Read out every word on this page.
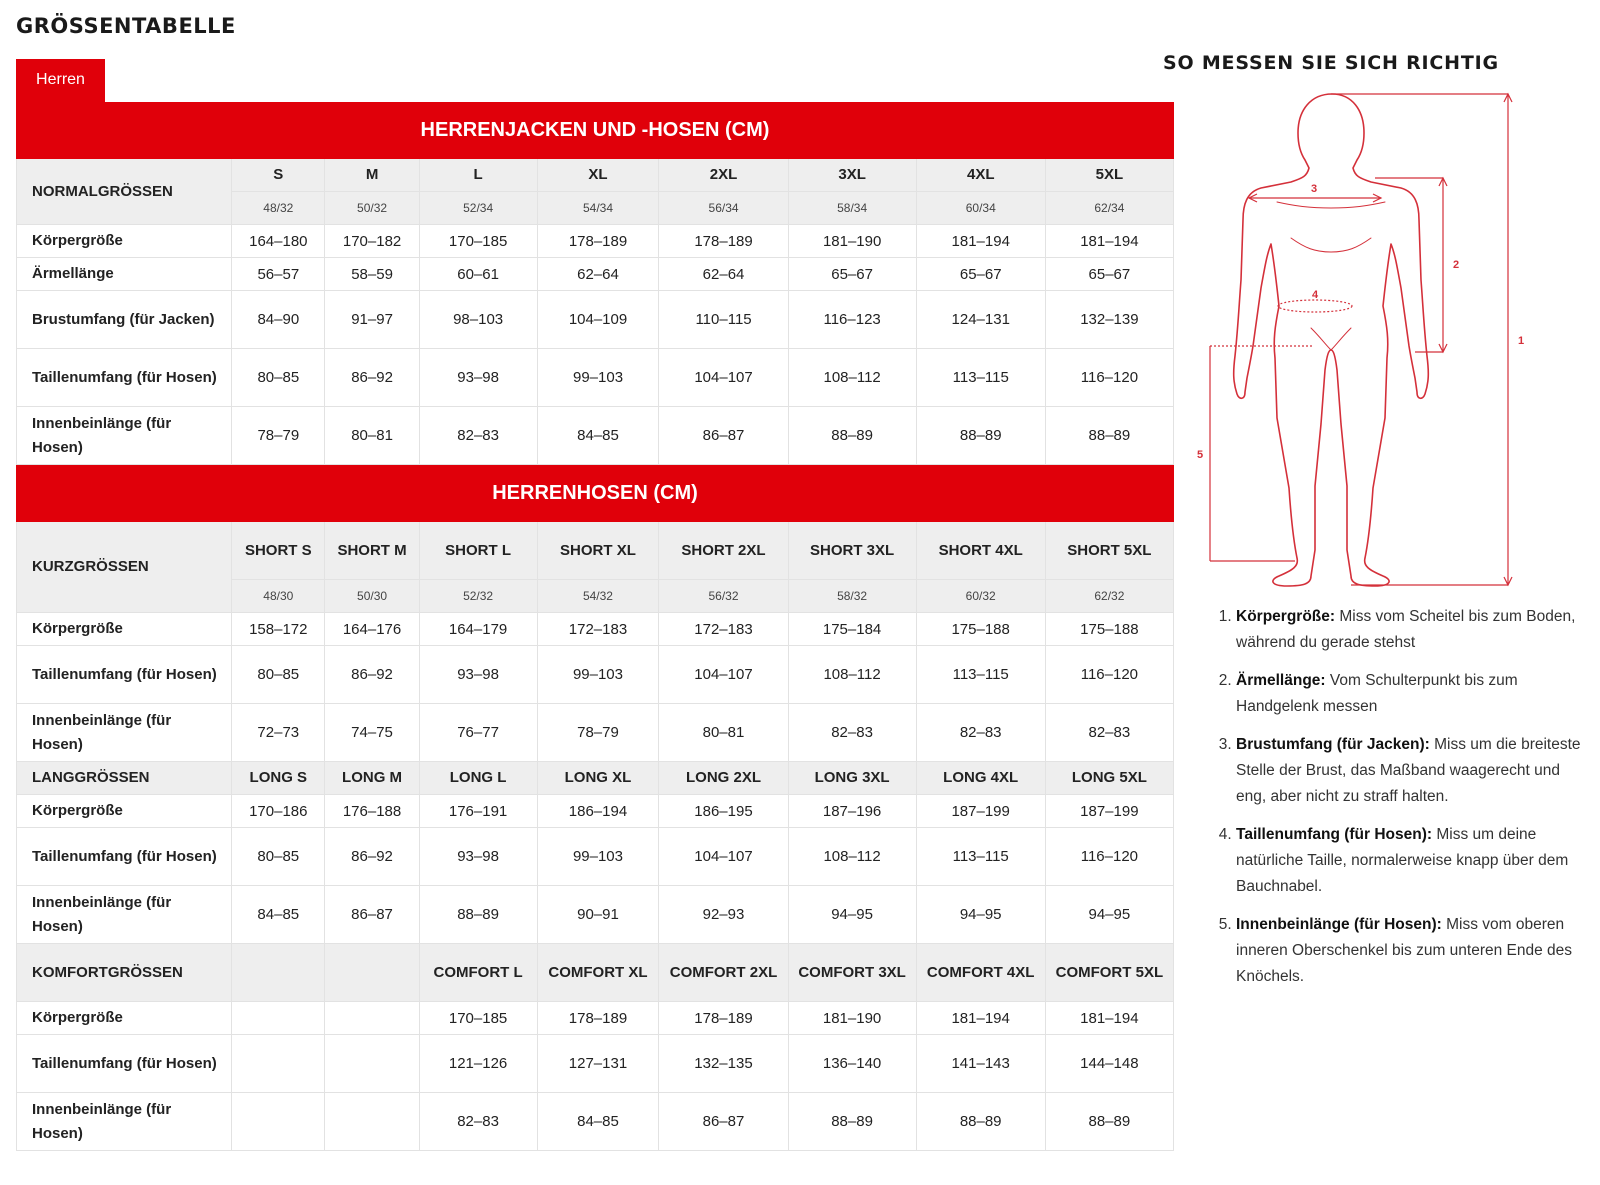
GRÖSSENTABELLE
Herren
HERRENJACKEN UND -HOSEN (CM)								
NORMALGRÖSSEN	S	M	L	XL	2XL	3XL	4XL	5XL
	48/32	50/32	52/34	54/34	56/34	58/34	60/34	62/34
Körpergröße	164–180	170–182	170–185	178–189	178–189	181–190	181–194	181–194
Ärmellänge	56–57	58–59	60–61	62–64	62–64	65–67	65–67	65–67
Brustumfang (für Jacken)	84–90	91–97	98–103	104–109	110–115	116–123	124–131	132–139
Taillenumfang (für Hosen)	80–85	86–92	93–98	99–103	104–107	108–112	113–115	116–120
Innenbeinlänge (für Hosen)	78–79	80–81	82–83	84–85	86–87	88–89	88–89	88–89
HERRENHOSEN (CM)								
KURZGRÖSSEN	SHORT S	SHORT M	SHORT L	SHORT XL	SHORT 2XL	SHORT 3XL	SHORT 4XL	SHORT 5XL
	48/30	50/30	52/32	54/32	56/32	58/32	60/32	62/32
Körpergröße	158–172	164–176	164–179	172–183	172–183	175–184	175–188	175–188
Taillenumfang (für Hosen)	80–85	86–92	93–98	99–103	104–107	108–112	113–115	116–120
Innenbeinlänge (für Hosen)	72–73	74–75	76–77	78–79	80–81	82–83	82–83	82–83
LANGGRÖSSEN	LONG S	LONG M	LONG L	LONG XL	LONG 2XL	LONG 3XL	LONG 4XL	LONG 5XL
Körpergröße	170–186	176–188	176–191	186–194	186–195	187–196	187–199	187–199
Taillenumfang (für Hosen)	80–85	86–92	93–98	99–103	104–107	108–112	113–115	116–120
Innenbeinlänge (für Hosen)	84–85	86–87	88–89	90–91	92–93	94–95	94–95	94–95
KOMFORTGRÖSSEN			COMFORT L	COMFORT XL	COMFORT 2XL	COMFORT 3XL	COMFORT 4XL	COMFORT 5XL
Körpergröße			170–185	178–189	178–189	181–190	181–194	181–194
Taillenumfang (für Hosen)			121–126	127–131	132–135	136–140	141–143	144–148
Innenbeinlänge (für Hosen)			82–83	84–85	86–87	88–89	88–89	88–89
SO MESSEN SIE SICH RICHTIG
1
2
3
4
5
1. Körpergröße: Miss vom Scheitel bis zum Boden, während du gerade stehst
2. Ärmellänge: Vom Schulterpunkt bis zum Handgelenk messen
3. Brustumfang (für Jacken): Miss um die breiteste Stelle der Brust, das Maßband waagerecht und eng, aber nicht zu straff halten.
4. Taillenumfang (für Hosen): Miss um deine natürliche Taille, normalerweise knapp über dem Bauchnabel.
5. Innenbeinlänge (für Hosen): Miss vom oberen inneren Oberschenkel bis zum unteren Ende des Knöchels.
